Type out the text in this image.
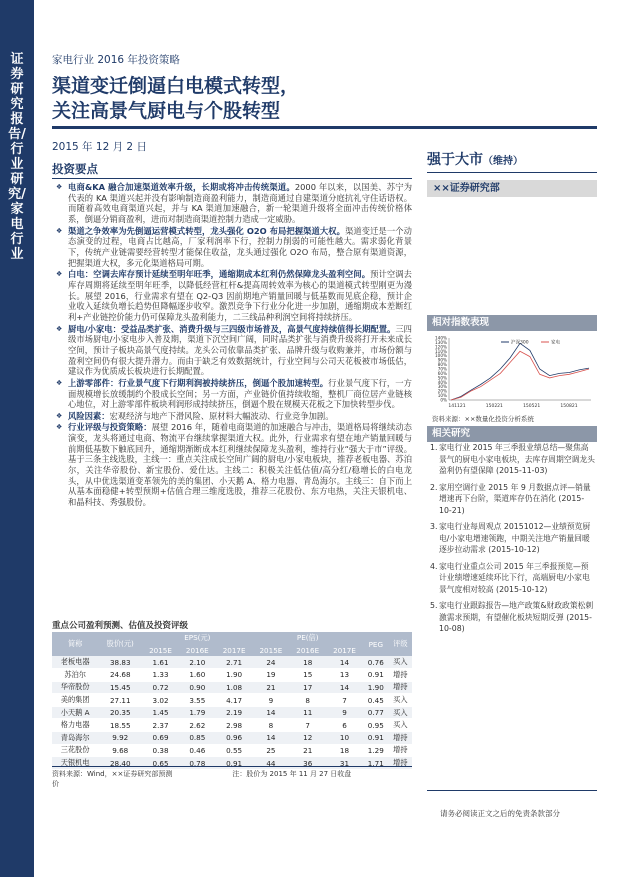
证券研究报告/行业研究/家电行业
家电行业 2016 年投资策略
渠道变迁倒逼白电模式转型，
关注高景气厨电与个股转型
2015 年 12 月 2 日
投资要点
强于大市（维持）
××证券研究部
❖ 电商&KA 融合加速渠道效率升级，长期或将冲击传统渠道。2000 年以来，以国美、苏宁为代表的 KA 渠道兴起并没有影响制造商盈利能力，制造商通过自建渠道分庭抗礼守住话语权。而随着高效电商渠道兴起，并与 KA 渠道加速融合，新一轮渠道升级将全面冲击传统价格体系，倒逼分销商盈利，进而对制造商渠道控制力造成一定威胁。
❖ 渠道之争效率为先倒逼运营模式转型，龙头强化 O2O 布局把握渠道大权。渠道变迁是一个动态演变的过程，电商占比越高，厂家利润率下行，控制力削弱的可能性越大。需求弱化背景下，传统产业链需要经营转型才能保住收益，龙头通过强化 O2O 布局，整合原有渠道资源，把握渠道大权，多元化渠道格局可期。
❖ 白电：空调去库存预计延续至明年旺季，通缩期成本红利仍然保障龙头盈利空间。预计空调去库存周期将延续至明年旺季，以降低经营杠杆&提高周转效率为核心的渠道模式转型刚更为漫长。展望 2016，行业需求有望在 Q2-Q3 因前期地产销量回暖与低基数而见底企稳，预计企业收入延续负增长趋势但降幅逐步收窄。激烈竞争下行业分化进一步加剧，通缩期成本差断红利+产业链控价能力仍可保障龙头盈利能力，二三线品种利润空间将持续挤压。
❖ 厨电/小家电：受益品类扩张、消费升级与三四级市场普及，高景气度持续值得长期配置。三四级市场厨电/小家电步入普及期，渠道下沉空间广阔，同时品类扩张与消费升级将打开未来成长空间，预计子板块高景气度持续。龙头公司依靠品类扩张、品牌升级与收购兼并，市场份额与盈利空间仍有很大提升潜力。而由于缺乏有效数据统计，行业空间与公司天花板被市场低估，建议作为优质成长板块进行长期配置。
❖ 上游零部件：行业景气度下行期利润被持续挤压，倒逼个股加速转型。行业景气度下行，一方面规模增长放缓制约个股成长空间；另一方面，产业链价值持续收缩，整机厂商位居产业链核心地位，对上游零部件板块利润形成持续挤压，倒逼个股在规模天花板之下加快转型步伐。
❖ 风险因素：宏观经济与地产下滑风险、原材料大幅波动、行业竞争加剧。
❖ 行业评级与投资策略：展望 2016 年，随着电商渠道的加速融合与冲击，渠道格局将继续动态演变，龙头将通过电商、物流平台继续掌握渠道大权。此外，行业需求有望在地产销量回暖与前期低基数下触底回升，通缩期渐断成本红利继续保障龙头盈利，维持行业“强大于市”评级。基于三条主线选股，主线一：重点关注成长空间广阔的厨电/小家电板块，推荐老板电器、苏泊尔，关注华帝股份、新宝股份、爱仕达。主线二：积极关注低估值/高分红/稳增长的白电龙头，从中优选渠道变革领先的美的集团、小天鹅 A、格力电器、青岛海尔。主线三：自下而上从基本面稳健+转型预期+估值合理三维度选股，推荐三花股份、东方电热，关注天银机电、和晶科技、秀强股份。
重点公司盈利预测、估值及投资评级
简称	股价(元)	EPS(元)			PE(倍)			PEG	评级
		2015E	2016E	2017E	2015E	2016E	2017E		
老板电器	38.83	1.61	2.10	2.71	24	18	14	0.76	买入
苏泊尔	24.68	1.33	1.60	1.90	19	15	13	0.91	增持
华帝股份	15.45	0.72	0.90	1.08	21	17	14	1.90	增持
美的集团	27.11	3.02	3.55	4.17	9	8	7	0.45	买入
小天鹅 A	20.35	1.45	1.79	2.19	14	11	9	0.77	买入
格力电器	18.55	2.37	2.62	2.98	8	7	6	0.95	买入
青岛海尔	9.92	0.69	0.85	0.96	14	12	10	0.91	增持
三花股份	9.68	0.38	0.46	0.55	25	21	18	1.29	增持
天银机电	28.40	0.65	0.78	0.91	44	36	31	1.71	增持
资料来源：Wind，××证券研究部预测	注：股价为 2015 年 11 月 27 日收盘价
相对指数表现
0%
10%
20%
30%
40%
50%
60%
70%
80%
90%
100%
110%
120%
130%
140%
141121	150221	150521	150821
沪深300	家电
资料来源：××数量化投资分析系统
相关研究
1. 家电行业 2015 年三季报业绩总结—聚焦高景气的厨电小家电板块，去库存周期空调龙头盈利仍有望保障 (2015-11-03)
2. 家用空调行业 2015 年 9 月数据点评—销量增速再下台阶，渠道库存仍在消化 (2015-10-21)
3. 家电行业每周观点 20151012—业绩预览厨电/小家电增速领跑，中期关注地产销量回暖逐步拉动需求 (2015-10-12)
4. 家电行业重点公司 2015 年三季报预览—预计业绩增速延续环比下行，高端厨电/小家电景气度相对较高 (2015-10-12)
5. 家电行业跟踪报告—地产政策&财政政策松刺激需求预期，有望催化板块短期反弹 (2015-10-08)
请务必阅读正文之后的免责条款部分
